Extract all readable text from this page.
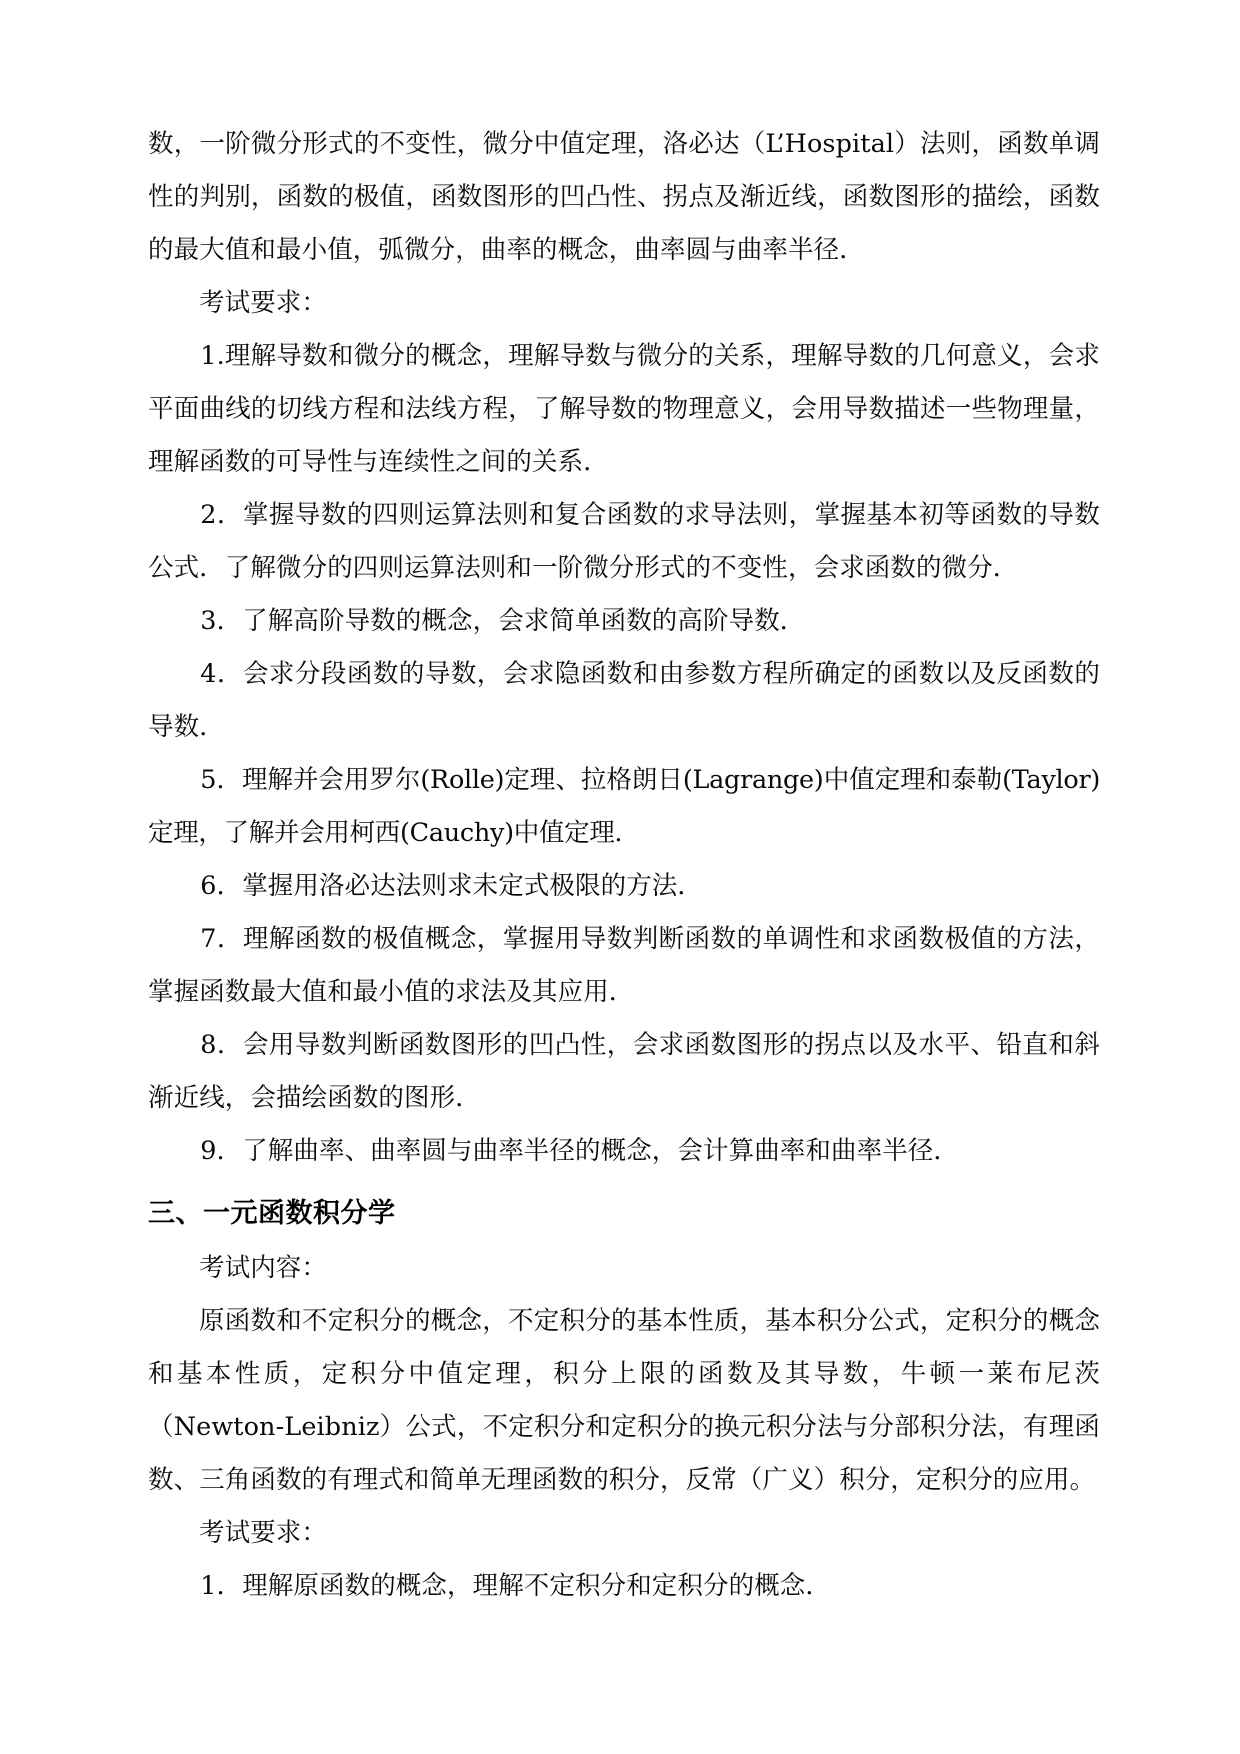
数，一阶微分形式的不变性，微分中值定理，洛必达（L’Hospital）法则，函数单调性的判别，函数的极值，函数图形的凹凸性、拐点及渐近线，函数图形的描绘，函数的最大值和最小值，弧微分，曲率的概念，曲率圆与曲率半径．

考试要求：

1.理解导数和微分的概念，理解导数与微分的关系，理解导数的几何意义，会求平面曲线的切线方程和法线方程，了解导数的物理意义，会用导数描述一些物理量，理解函数的可导性与连续性之间的关系．

2．掌握导数的四则运算法则和复合函数的求导法则，掌握基本初等函数的导数公式．了解微分的四则运算法则和一阶微分形式的不变性，会求函数的微分．

3．了解高阶导数的概念，会求简单函数的高阶导数．

4．会求分段函数的导数，会求隐函数和由参数方程所确定的函数以及反函数的导数．

5．理解并会用罗尔(Rolle)定理、拉格朗日(Lagrange)中值定理和泰勒(Taylor)定理，了解并会用柯西(Cauchy)中值定理．

6．掌握用洛必达法则求未定式极限的方法．

7．理解函数的极值概念，掌握用导数判断函数的单调性和求函数极值的方法，掌握函数最大值和最小值的求法及其应用．

8．会用导数判断函数图形的凹凸性，会求函数图形的拐点以及水平、铅直和斜渐近线，会描绘函数的图形．

9．了解曲率、曲率圆与曲率半径的概念，会计算曲率和曲率半径．

三、一元函数积分学

考试内容：

原函数和不定积分的概念，不定积分的基本性质，基本积分公式，定积分的概念和基本性质，定积分中值定理，积分上限的函数及其导数，牛顿一莱布尼茨（Newton-Leibniz）公式，不定积分和定积分的换元积分法与分部积分法，有理函数、三角函数的有理式和简单无理函数的积分，反常（广义）积分，定积分的应用。

考试要求：

1．理解原函数的概念，理解不定积分和定积分的概念．
